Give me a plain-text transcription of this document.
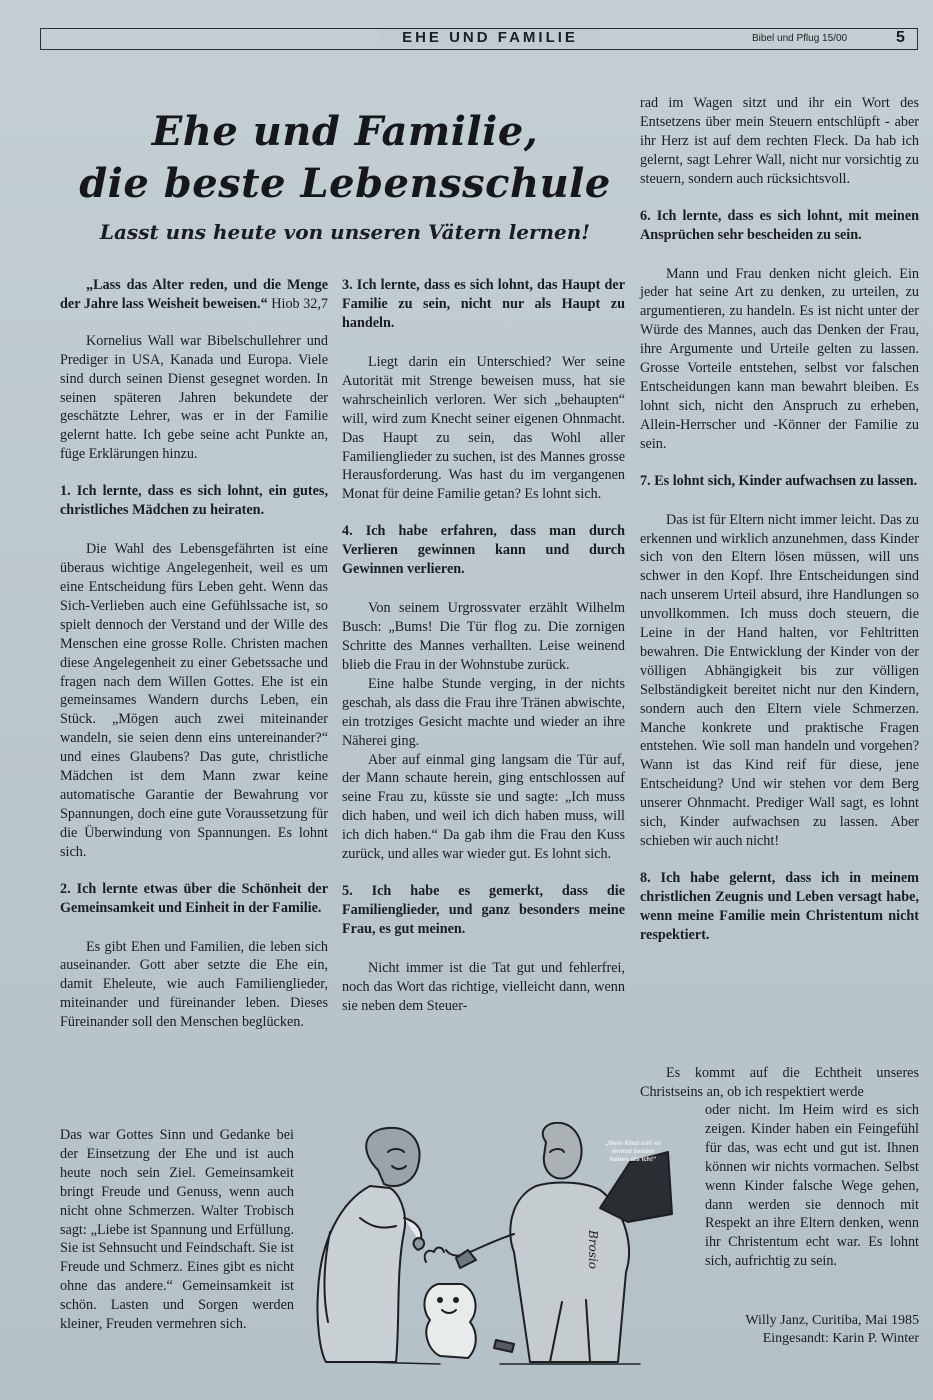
EHE UND FAMILIE	Bibel und Pflug 15/00	5
Ehe und Familie,
die beste Lebensschule
Lasst uns heute von unseren Vätern lernen!

„Lass das Alter reden, und die Menge der Jahre lass Weisheit beweisen.“ Hiob 32,7

Kornelius Wall war Bibelschullehrer und Prediger in USA, Kanada und Europa. Viele sind durch seinen Dienst gesegnet worden. In seinen späteren Jahren bekundete der geschätzte Lehrer, was er in der Familie gelernt hatte. Ich gebe seine acht Punkte an, füge Erklärungen hinzu.

1. Ich lernte, dass es sich lohnt, ein gutes, christliches Mädchen zu heiraten.

Die Wahl des Lebensgefährten ist eine überaus wichtige Angelegenheit, weil es um eine Entscheidung fürs Leben geht. Wenn das Sich-Verlieben auch eine Gefühlssache ist, so spielt dennoch der Verstand und der Wille des Menschen eine grosse Rolle. Christen machen diese Angelegenheit zu einer Gebetssache und fragen nach dem Willen Gottes. Ehe ist ein gemeinsames Wandern durchs Leben, ein Stück. „Mögen auch zwei miteinander wandeln, sie seien denn eins untereinander?“ und eines Glaubens? Das gute, christliche Mädchen ist dem Mann zwar keine automatische Garantie der Bewahrung vor Spannungen, doch eine gute Voraussetzung für die Überwindung von Spannungen. Es lohnt sich.

2. Ich lernte etwas über die Schönheit der Gemeinsamkeit und Einheit in der Familie.

Es gibt Ehen und Familien, die leben sich auseinander. Gott aber setzte die Ehe ein, damit Eheleute, wie auch Familienglieder, miteinander und füreinander leben. Dieses Füreinander soll den Menschen beglücken.

Das war Gottes Sinn und Gedanke bei der Einsetzung der Ehe und ist auch heute noch sein Ziel. Gemeinsamkeit bringt Freude und Genuss, wenn auch nicht ohne Schmerzen. Walter Trobisch sagt: „Liebe ist Spannung und Erfüllung. Sie ist Sehnsucht und Feindschaft. Sie ist Freude und Schmerz. Eines gibt es nicht ohne das andere.“ Gemeinsamkeit ist schön. Lasten und Sorgen werden kleiner, Freuden vermehren sich.

3. Ich lernte, dass es sich lohnt, das Haupt der Familie zu sein, nicht nur als Haupt zu handeln.

Liegt darin ein Unterschied? Wer seine Autorität mit Strenge beweisen muss, hat sie wahrscheinlich verloren. Wer sich „behaupten“ will, wird zum Knecht seiner eigenen Ohnmacht. Das Haupt zu sein, das Wohl aller Familienglieder zu suchen, ist des Mannes grosse Herausforderung. Was hast du im vergangenen Monat für deine Familie getan? Es lohnt sich.

4. Ich habe erfahren, dass man durch Verlieren gewinnen kann und durch Gewinnen verlieren.

Von seinem Urgrossvater erzählt Wilhelm Busch: „Bums! Die Tür flog zu. Die zornigen Schritte des Mannes verhallten. Leise weinend blieb die Frau in der Wohnstube zurück.

Eine halbe Stunde verging, in der nichts geschah, als dass die Frau ihre Tränen abwischte, ein trotziges Gesicht machte und wieder an ihre Näherei ging.

Aber auf einmal ging langsam die Tür auf, der Mann schaute herein, ging entschlossen auf seine Frau zu, küsste sie und sagte: „Ich muss dich haben, und weil ich dich haben muss, will ich dich haben.“ Da gab ihm die Frau den Kuss zurück, und alles war wieder gut. Es lohnt sich.

5. Ich habe es gemerkt, dass die Familienglieder, und ganz besonders meine Frau, es gut meinen.

Nicht immer ist die Tat gut und fehlerfrei, noch das Wort das richtige, vielleicht dann, wenn sie neben dem Steuer-

rad im Wagen sitzt und ihr ein Wort des Entsetzens über mein Steuern entschlüpft - aber ihr Herz ist auf dem rechten Fleck. Da hab ich gelernt, sagt Lehrer Wall, nicht nur vorsichtig zu steuern, sondern auch rücksichtsvoll.

6. Ich lernte, dass es sich lohnt, mit meinen Ansprüchen sehr bescheiden zu sein.

Mann und Frau denken nicht gleich. Ein jeder hat seine Art zu denken, zu urteilen, zu argumentieren, zu handeln. Es ist nicht unter der Würde des Mannes, auch das Denken der Frau, ihre Argumente und Urteile gelten zu lassen. Grosse Vorteile entstehen, selbst vor falschen Entscheidungen kann man bewahrt bleiben. Es lohnt sich, nicht den Anspruch zu erheben, Allein-Herrscher und -Könner der Familie zu sein.

7. Es lohnt sich, Kinder aufwachsen zu lassen.

Das ist für Eltern nicht immer leicht. Das zu erkennen und wirklich anzunehmen, dass Kinder sich von den Eltern lösen müssen, will uns schwer in den Kopf. Ihre Entscheidungen sind nach unserem Urteil absurd, ihre Handlungen so unvollkommen. Ich muss doch steuern, die Leine in der Hand halten, vor Fehltritten bewahren. Die Entwicklung der Kinder von der völligen Abhängigkeit bis zur völligen Selbständigkeit bereitet nicht nur den Kindern, sondern auch den Eltern viele Schmerzen. Manche konkrete und praktische Fragen entstehen. Wie soll man handeln und vorgehen? Wann ist das Kind reif für diese, jene Entscheidung? Und wir stehen vor dem Berg unserer Ohnmacht. Prediger Wall sagt, es lohnt sich, Kinder aufwachsen zu lassen. Aber schieben wir auch nicht!

8. Ich habe gelernt, dass ich in meinem christlichen Zeugnis und Leben versagt habe, wenn meine Familie mein Christentum nicht respektiert.

Es kommt auf die Echtheit unseres Christseins an, ob ich respektiert werde

oder nicht. Im Heim wird es sich zeigen. Kinder haben ein Feingefühl für das, was echt und gut ist. Ihnen können wir nichts vormachen. Selbst wenn Kinder falsche Wege gehen, dann werden sie dennoch mit Respekt an ihre Eltern denken, wenn ihr Christentum echt war. Es lohnt sich, aufrichtig zu sein.

Willy Janz, Curitiba, Mai 1985
Eingesandt: Karin P. Winter
„Mein Kind soll es einmal besser haben als ich!“
Brosio
